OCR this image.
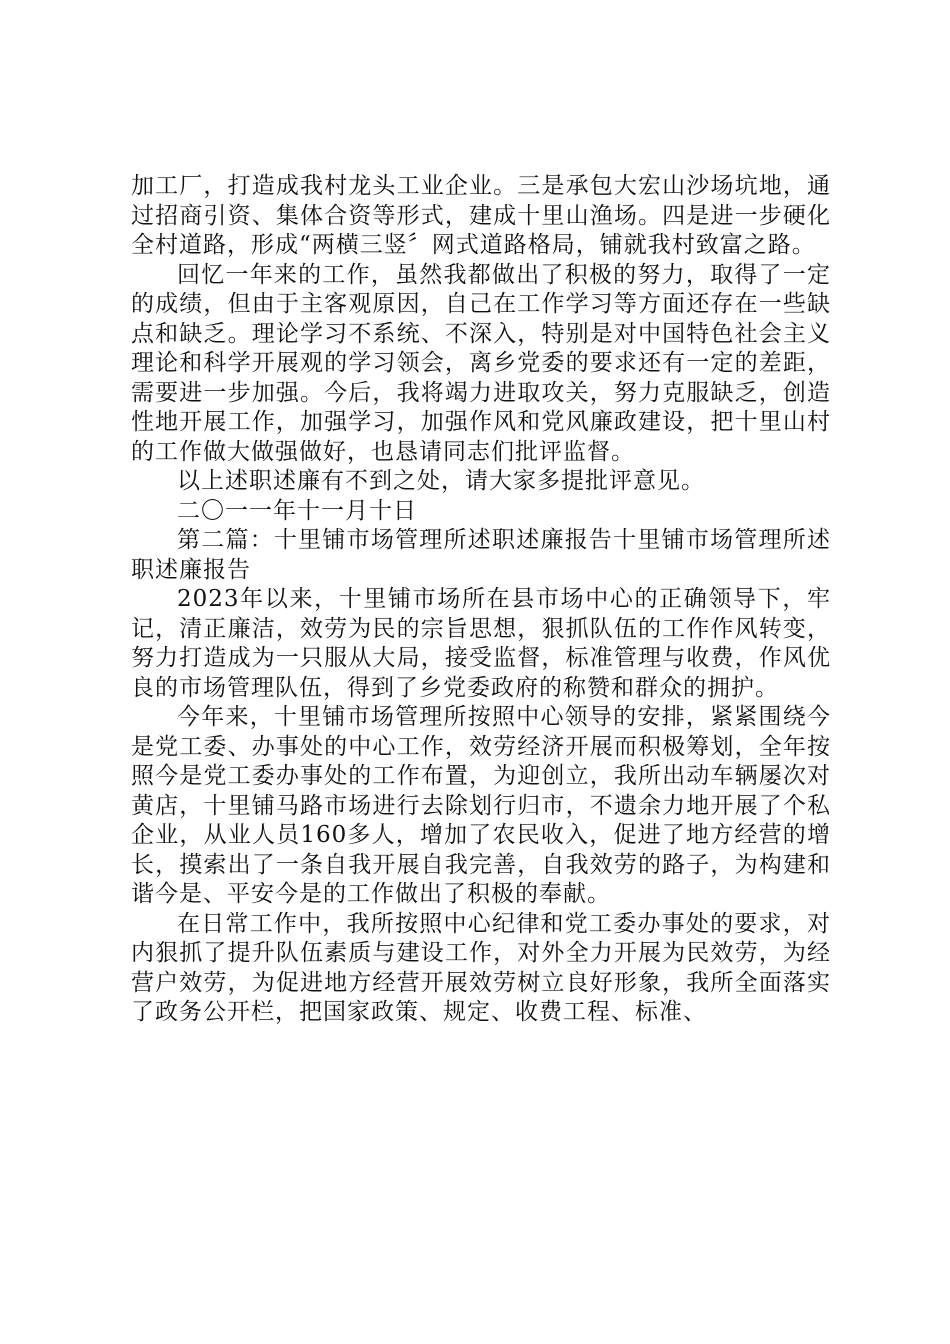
加工厂，打造成我村龙头工业企业。三是承包大宏山沙场坑地，通过招商引资、集体合资等形式，建成十里山渔场。四是进一步硬化全村道路，形成“两横三竖〞网式道路格局，铺就我村致富之路。

回忆一年来的工作，虽然我都做出了积极的努力，取得了一定的成绩，但由于主客观原因，自己在工作学习等方面还存在一些缺点和缺乏。理论学习不系统、不深入，特别是对中国特色社会主义理论和科学开展观的学习领会，离乡党委的要求还有一定的差距，需要进一步加强。今后，我将竭力进取攻关，努力克服缺乏，创造性地开展工作，加强学习，加强作风和党风廉政建设，把十里山村的工作做大做强做好，也恳请同志们批评监督。

以上述职述廉有不到之处，请大家多提批评意见。

二〇一一年十一月十日

第二篇：十里铺市场管理所述职述廉报告十里铺市场管理所述职述廉报告

2023年以来，十里铺市场所在县市场中心的正确领导下，牢记，清正廉洁，效劳为民的宗旨思想，狠抓队伍的工作作风转变，努力打造成为一只服从大局，接受监督，标准管理与收费，作风优良的市场管理队伍，得到了乡党委政府的称赞和群众的拥护。

今年来，十里铺市场管理所按照中心领导的安排，紧紧围绕今是党工委、办事处的中心工作，效劳经济开展而积极筹划，全年按照今是党工委办事处的工作布置，为迎创立，我所出动车辆屡次对黄店，十里铺马路市场进行去除划行归市，不遗余力地开展了个私企业，从业人员160多人，增加了农民收入，促进了地方经营的增长，摸索出了一条自我开展自我完善，自我效劳的路子，为构建和谐今是、平安今是的工作做出了积极的奉献。

在日常工作中，我所按照中心纪律和党工委办事处的要求，对内狠抓了提升队伍素质与建设工作，对外全力开展为民效劳，为经营户效劳，为促进地方经营开展效劳树立良好形象，我所全面落实了政务公开栏，把国家政策、规定、收费工程、标准、
